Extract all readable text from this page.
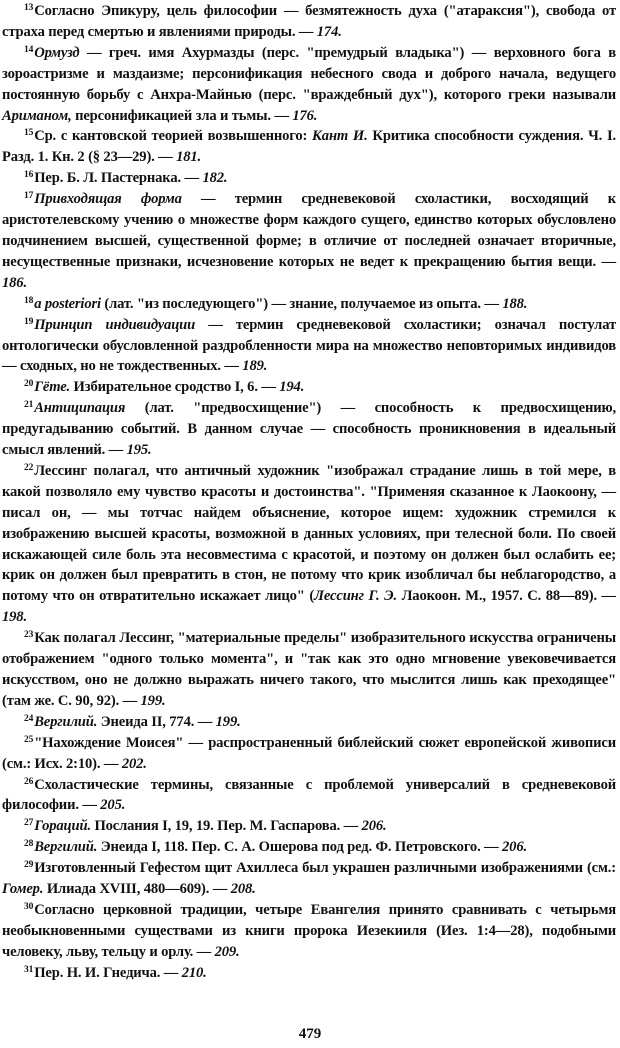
$^{13}$Согласно Эпикуру, цель философии — безмятежность духа ("атараксия"), свобода от страха перед смертью и явлениями природы. — 174.

$^{14}$Ормузд — греч. имя Ахурмазды (перс. "премудрый владыка") — верховного бога в зороастризме и маздаизме; персонификация небесного свода и доброго начала, ведущего постоянную борьбу с Анхра-Майнью (перс. "враждебный дух"), которого греки называли Ариманом, персонификацией зла и тьмы. — 176.

$^{15}$Ср. с кантовской теорией возвышенного: Кант И. Критика способности суждения. Ч. I. Разд. 1. Кн. 2 (§ 23—29). — 181.

$^{16}$Пер. Б. Л. Пастернака. — 182.

$^{17}$Привходящая форма — термин средневековой схоластики, восходящий к аристотелевскому учению о множестве форм каждого сущего, единство которых обусловлено подчинением высшей, существенной форме; в отличие от последней означает вторичные, несущественные признаки, исчезновение которых не ведет к прекращению бытия вещи. — 186.

$^{18}$a posteriori (лат. "из последующего") — знание, получаемое из опыта. — 188.

$^{19}$Принцип индивидуации — термин средневековой схоластики; означал постулат онтологически обусловленной раздробленности мира на множество неповторимых индивидов — сходных, но не тождественных. — 189.

$^{20}$Гёте. Избирательное сродство I, 6. — 194.

$^{21}$Антиципация (лат. "предвосхищение") — способность к предвосхищению, предугадыванию событий. В данном случае — способность проникновения в идеальный смысл явлений. — 195.

$^{22}$Лессинг полагал, что античный художник "изображал страдание лишь в той мере, в какой позволяло ему чувство красоты и достоинства". "Применяя сказанное к Лаокоону, — писал он, — мы тотчас найдем объяснение, которое ищем: художник стремился к изображению высшей красоты, возможной в данных условиях, при телесной боли. По своей искажающей силе боль эта несовместима с красотой, и поэтому он должен был ослабить ее; крик он должен был превратить в стон, не потому что крик изобличал бы неблагородство, а потому что он отвратительно искажает лицо" (Лессинг Г. Э. Лаокоон. М., 1957. С. 88—89). — 198.

$^{23}$Как полагал Лессинг, "материальные пределы" изобразительного искусства ограничены отображением "одного только момента", и "так как это одно мгновение увековечивается искусством, оно не должно выражать ничего такого, что мыслится лишь как преходящее" (там же. С. 90, 92). — 199.

$^{24}$Вергилий. Энеида II, 774. — 199.

$^{25}$"Нахождение Моисея" — распространенный библейский сюжет европейской живописи (см.: Исх. 2:10). — 202.

$^{26}$Схоластические термины, связанные с проблемой универсалий в средневековой философии. — 205.

$^{27}$Гораций. Послания I, 19, 19. Пер. М. Гаспарова. — 206.

$^{28}$Вергилий. Энеида I, 118. Пер. С. А. Ошерова под ред. Ф. Петровского. — 206.

$^{29}$Изготовленный Гефестом щит Ахиллеса был украшен различными изображениями (см.: Гомер. Илиада XVIII, 480—609). — 208.

$^{30}$Согласно церковной традиции, четыре Евангелия принято сравнивать с четырьмя необыкновенными существами из книги пророка Иезекииля (Иез. 1:4—28), подобными человеку, льву, тельцу и орлу. — 209.

$^{31}$Пер. Н. И. Гнедича. — 210.

479
